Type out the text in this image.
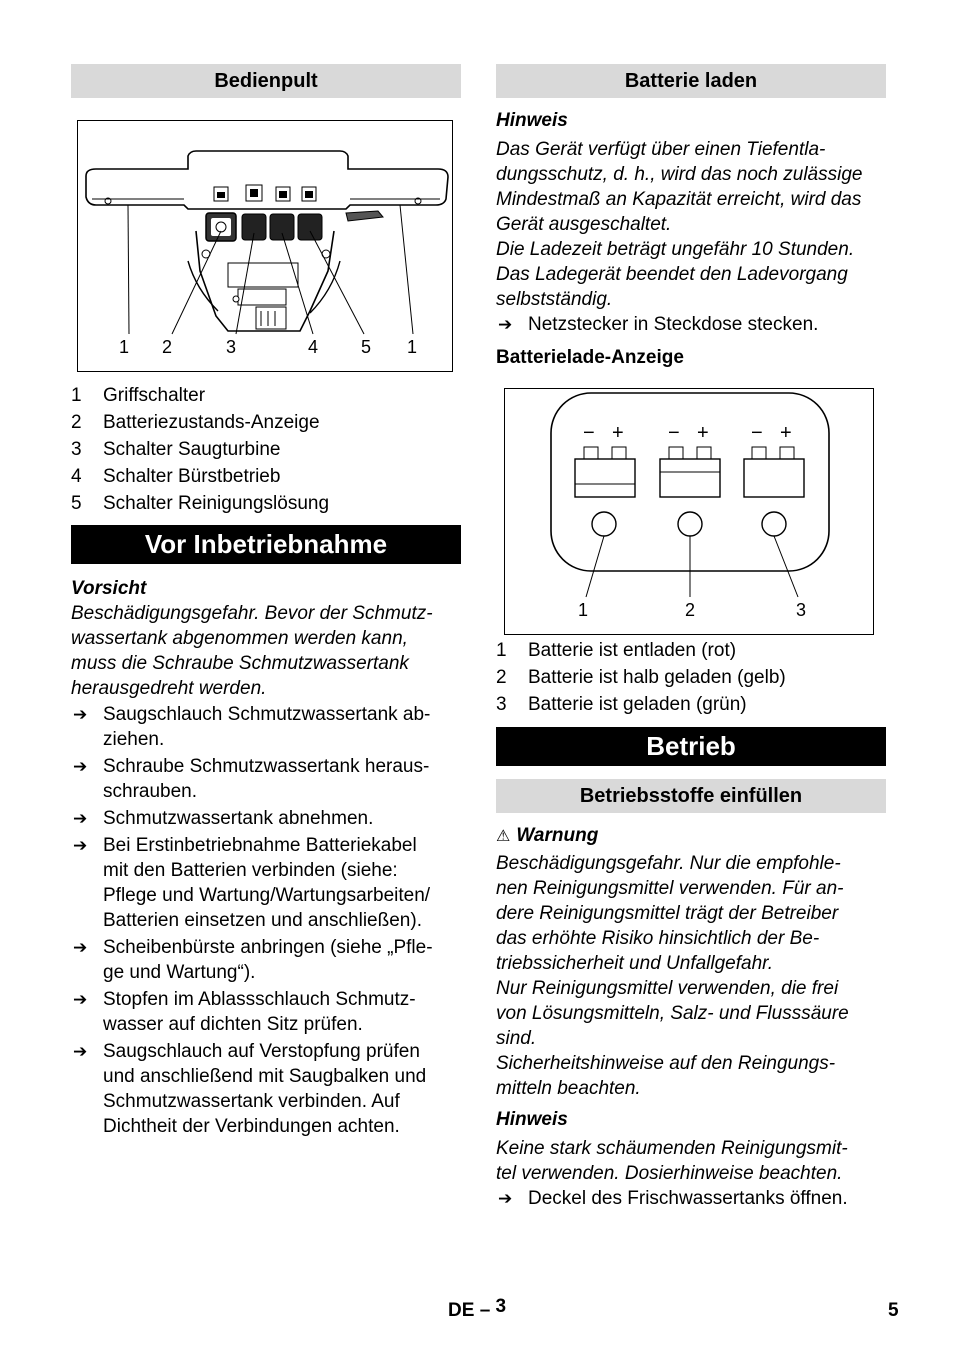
Bedienpult
1 2	3	4 5 1
1 Griffschalter
2 Batteriezustands-Anzeige
3 Schalter Saugturbine
4 Schalter Bürstbetrieb
5 Schalter Reinigungslösung
Vor Inbetriebnahme

Vorsicht

Beschädigungsgefahr. Bevor der Schmutz-
wassertank abgenommen werden kann,
muss die Schraube Schmutzwassertank
herausgedreht werden.

➔ Saugschlauch Schmutzwassertank ab-
ziehen.
➔ Schraube Schmutzwassertank heraus-
schrauben.
➔ Schmutzwassertank abnehmen.
➔ Bei Erstinbetriebnahme Batteriekabel
mit den Batterien verbinden (siehe:
Pflege und Wartung/Wartungsarbeiten/
Batterien einsetzen und anschließen).
➔ Scheibenbürste anbringen (siehe „Pfle-
ge und Wartung“).
➔ Stopfen im Ablassschlauch Schmutz-
wasser auf dichten Sitz prüfen.
➔ Saugschlauch auf Verstopfung prüfen
und anschließend mit Saugbalken und
Schmutzwassertank verbinden. Auf
Dichtheit der Verbindungen achten.
Batterie laden

Hinweis

Das Gerät verfügt über einen Tiefentla-
dungsschutz, d. h., wird das noch zulässige
Mindestmaß an Kapazität erreicht, wird das
Gerät ausgeschaltet.
Die Ladezeit beträgt ungefähr 10 Stunden.
Das Ladegerät beendet den Ladevorgang
selbstständig.

➔ Netzstecker in Steckdose stecken.

Batterielade-Anzeige

− + − + − +
1	2	3
1 Batterie ist entladen (rot)
2 Batterie ist halb geladen (gelb)
3 Batterie ist geladen (grün)
Betrieb
Betriebsstoffe einfüllen

⚠ Warnung

Beschädigungsgefahr. Nur die empfohle-
nen Reinigungsmittel verwenden. Für an-
dere Reinigungsmittel trägt der Betreiber
das erhöhte Risiko hinsichtlich der Be-
triebssicherheit und Unfallgefahr.
Nur Reinigungsmittel verwenden, die frei
von Lösungsmitteln, Salz- und Flusssäure
sind.
Sicherheitshinweise auf den Reingungs-
mitteln beachten.

Hinweis

Keine stark schäumenden Reinigungsmit-
tel verwenden. Dosierhinweise beachten.

➔ Deckel des Frischwassertanks öffnen.
DE – 3	5
